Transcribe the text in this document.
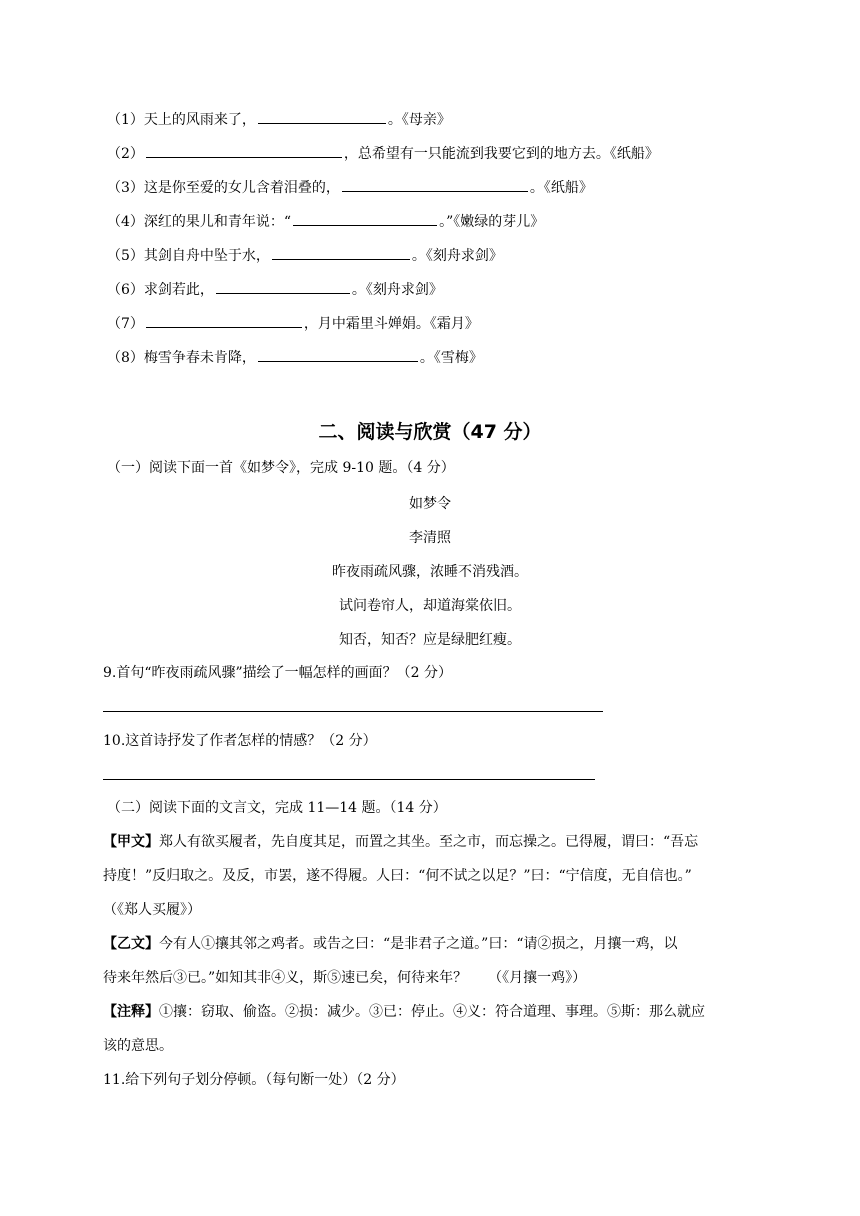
（1）天上的风雨来了，	。《母亲》
（2）	，总希望有一只能流到我要它到的地方去。《纸船》
（3）这是你至爱的女儿含着泪叠的，	。《纸船》
（4）深红的果儿和青年说：“	。”《嫩绿的芽儿》
（5）其剑自舟中坠于水，	。《刻舟求剑》
（6）求剑若此，	。《刻舟求剑》
（7）	，月中霜里斗婵娟。《霜月》
（8）梅雪争春未肯降，	。《雪梅》
二、阅读与欣赏（47 分）
（一）阅读下面一首《如梦令》，完成 9-10 题。（4 分）
如梦令
李清照
昨夜雨疏风骤，浓睡不消残酒。
试问卷帘人，却道海棠依旧。
知否，知否？应是绿肥红瘦。
9.首句“昨夜雨疏风骤”描绘了一幅怎样的画面？（2 分）
10.这首诗抒发了作者怎样的情感？（2 分）
（二）阅读下面的文言文，完成 11—14 题。（14 分）
【甲文】郑人有欲买履者，先自度其足，而置之其坐。至之市，而忘操之。已得履，谓曰：“吾忘
持度！”反归取之。及反，市罢，遂不得履。人曰：“何不试之以足？”曰：“宁信度，无自信也。”
（《郑人买履》）
【乙文】今有人①攘其邻之鸡者。或告之曰：“是非君子之道。”曰：“请②损之，月攘一鸡，以
待来年然后③已。”如知其非④义，斯⑤速已矣，何待来年？　　（《月攘一鸡》）
【注释】①攘：窃取、偷盗。②损：减少。③已：停止。④义：符合道理、事理。⑤斯：那么就应
该的意思。
11.给下列句子划分停顿。（每句断一处）（2 分）
